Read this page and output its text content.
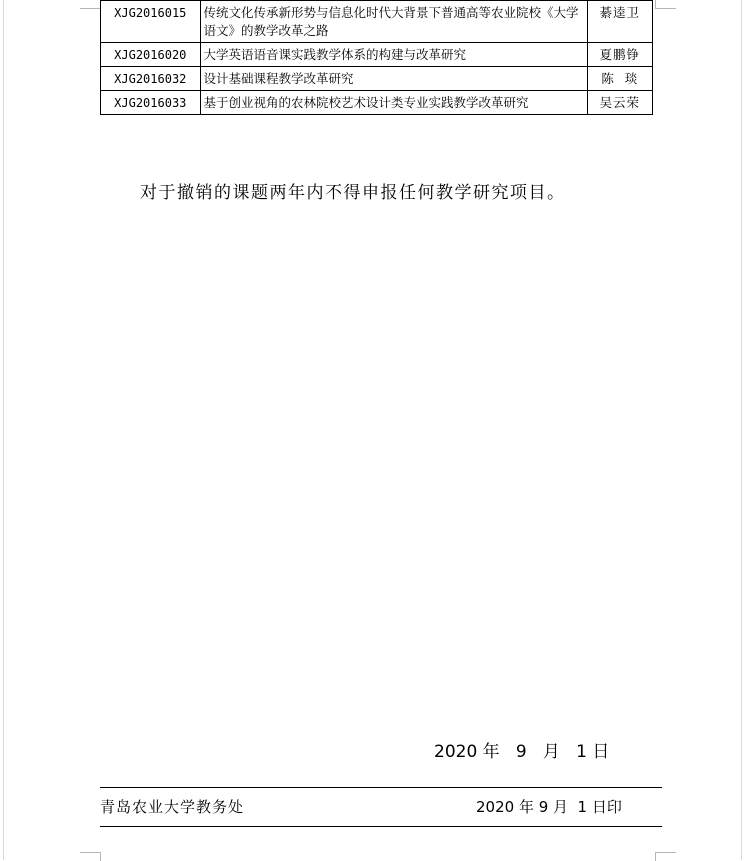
XJG2016015	传统文化传承新形势与信息化时代大背景下普通高等农业院校《大学语文》的教学改革之路	綦逵卫
XJG2016020	大学英语语音课实践教学体系的构建与改革研究	夏鹏铮
XJG2016032	设计基础课程教学改革研究	陈  琰
XJG2016033	基于创业视角的农林院校艺术设计类专业实践教学改革研究	吴云荣
对于撤销的课题两年内不得申报任何教学研究项目。
2020 年   9   月   1 日
青岛农业大学教务处	2020 年 9 月  1 日印
